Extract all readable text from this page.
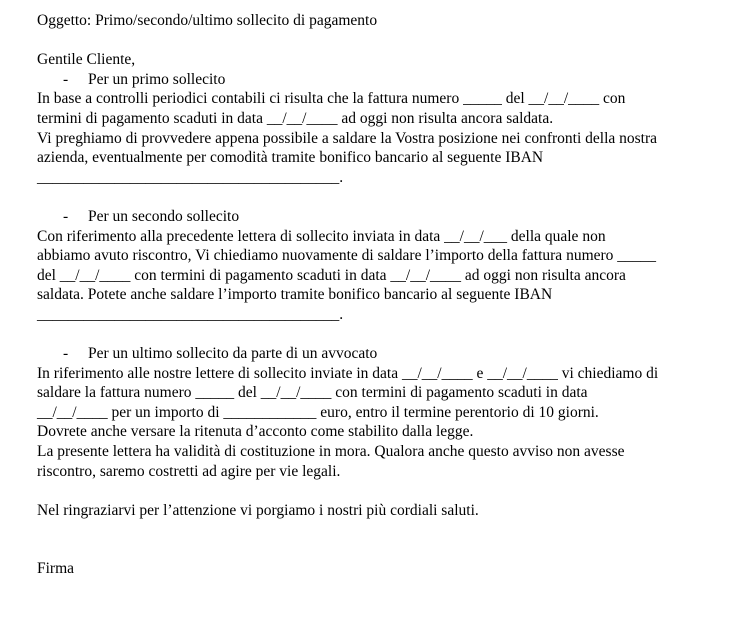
Oggetto: Primo/secondo/ultimo sollecito di pagamento
Gentile Cliente,
- Per un primo sollecito
In base a controlli periodici contabili ci risulta che la fattura numero _____ del __/__/____ con
termini di pagamento scaduti in data __/__/____ ad oggi non risulta ancora saldata.
Vi preghiamo di provvedere appena possibile a saldare la Vostra posizione nei confronti della nostra
azienda, eventualmente per comodità tramite bonifico bancario al seguente IBAN
_______________________________________.
- Per un secondo sollecito
Con riferimento alla precedente lettera di sollecito inviata in data __/__/___ della quale non
abbiamo avuto riscontro, Vi chiediamo nuovamente di saldare l’importo della fattura numero _____
del __/__/____ con termini di pagamento scaduti in data __/__/____ ad oggi non risulta ancora
saldata. Potete anche saldare l’importo tramite bonifico bancario al seguente IBAN
_______________________________________.
- Per un ultimo sollecito da parte di un avvocato
In riferimento alle nostre lettere di sollecito inviate in data __/__/____ e __/__/____ vi chiediamo di
saldare la fattura numero _____ del __/__/____ con termini di pagamento scaduti in data
__/__/____ per un importo di ____________ euro, entro il termine perentorio di 10 giorni.
Dovrete anche versare la ritenuta d’acconto come stabilito dalla legge.
La presente lettera ha validità di costituzione in mora. Qualora anche questo avviso non avesse
riscontro, saremo costretti ad agire per vie legali.
Nel ringraziarvi per l’attenzione vi porgiamo i nostri più cordiali saluti.
Firma
